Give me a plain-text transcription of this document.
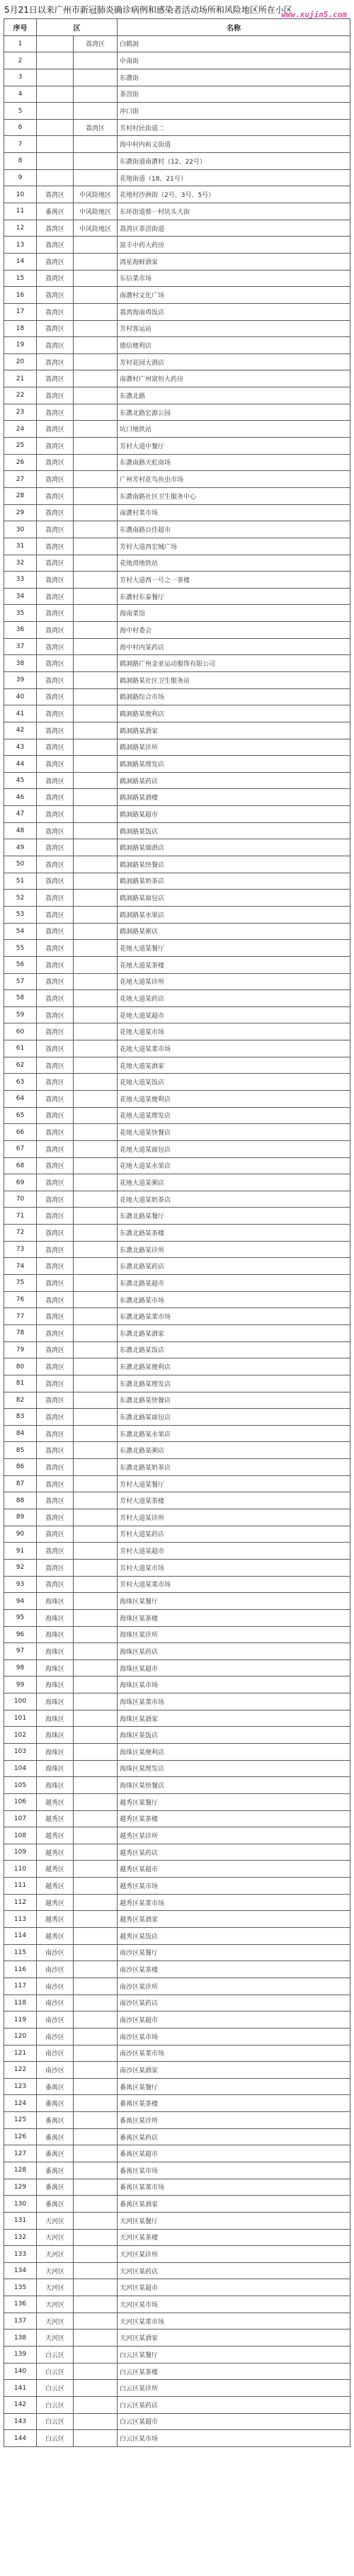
5月21日以来广州市新冠肺炎确诊病例和感染者活动场所和风险地区所在小区
www.xujin5.com
序号	区		名称
1		荔湾区	白鹤洞
2			中南街
3			东漖街
4			茶滘街
5			冲口街
6		荔湾区	芳村村民街道二
7			海中村内和义街道
8			东漖街道南漖村（12、22号）
9			花地街道（18、21号）
10	荔湾区	中风险地区	花地村沙洲街（2号、3号、5号）
11	番禺区	中风险地区	东环街道蔡一村坑头大街
12	荔湾区	中风险地区	荔湾区茶滘街道
13	荔湾区		富丰中药大药房
14	荔湾区		鸿星海鲜酒家
15	荔湾区		东信菜市场
16	荔湾区		南漖村文化广场
17	荔湾区		荔湾海南鸡饭店
18	荔湾区		芳村客运站
19	荔湾区		德信便利店
20	荔湾区		芳村花园大酒店
21	荔湾区		南漖村广州富恒大药房
22	荔湾区		东漖北路
23	荔湾区		东漖北路宏源公园
24	荔湾区		坑口地铁站
25	荔湾区		芳村大道中餐厅
26	荔湾区		东漖南路天虹商场
27	荔湾区		广州芳村花鸟鱼虫市场
28	荔湾区		东漖南路社区卫生服务中心
29	荔湾区		南漖村菜市场
30	荔湾区		东漖南路百佳超市
31	荔湾区		芳村大道西宏城广场
32	荔湾区		花地湾地铁站
33	荔湾区		芳村大道西一号之一茶楼
34	荔湾区		东漖村东泰餐厅
35	荔湾区		海南菜馆
36	荔湾区		海中村委会
37	荔湾区		海中村内某药店
38	荔湾区		鹤洞路广州金亚运动服饰有限公司
39	荔湾区		鹤洞路某社区卫生服务站
40	荔湾区		鹤洞路综合市场
41	荔湾区		鹤洞路某便利店
42	荔湾区		鹤洞路某酒家
43	荔湾区		鹤洞路某诊所
44	荔湾区		鹤洞路某理发店
45	荔湾区		鹤洞路某药店
46	荔湾区		鹤洞路某酒楼
47	荔湾区		鹤洞路某超市
48	荔湾区		鹤洞路某饭店
49	荔湾区		鹤洞路某烟酒店
50	荔湾区		鹤洞路某快餐店
51	荔湾区		鹤洞路某奶茶店
52	荔湾区		鹤洞路某面包店
53	荔湾区		鹤洞路某水果店
54	荔湾区		鹤洞路某粥店
55	荔湾区		花地大道某餐厅
56	荔湾区		花地大道某茶楼
57	荔湾区		花地大道某诊所
58	荔湾区		花地大道某药店
59	荔湾区		花地大道某超市
60	荔湾区		花地大道某市场
61	荔湾区		花地大道某菜市场
62	荔湾区		花地大道某酒家
63	荔湾区		花地大道某饭店
64	荔湾区		花地大道某便利店
65	荔湾区		花地大道某理发店
66	荔湾区		花地大道某快餐店
67	荔湾区		花地大道某面包店
68	荔湾区		花地大道某水果店
69	荔湾区		花地大道某粥店
70	荔湾区		花地大道某奶茶店
71	荔湾区		东漖北路某餐厅
72	荔湾区		东漖北路某茶楼
73	荔湾区		东漖北路某诊所
74	荔湾区		东漖北路某药店
75	荔湾区		东漖北路某超市
76	荔湾区		东漖北路某市场
77	荔湾区		东漖北路某菜市场
78	荔湾区		东漖北路某酒家
79	荔湾区		东漖北路某饭店
80	荔湾区		东漖北路某便利店
81	荔湾区		东漖北路某理发店
82	荔湾区		东漖北路某快餐店
83	荔湾区		东漖北路某面包店
84	荔湾区		东漖北路某水果店
85	荔湾区		东漖北路某粥店
86	荔湾区		东漖北路某奶茶店
87	荔湾区		芳村大道某餐厅
88	荔湾区		芳村大道某茶楼
89	荔湾区		芳村大道某诊所
90	荔湾区		芳村大道某药店
91	荔湾区		芳村大道某超市
92	荔湾区		芳村大道某市场
93	荔湾区		芳村大道某菜市场
94	海珠区		海珠区某餐厅
95	海珠区		海珠区某茶楼
96	海珠区		海珠区某诊所
97	海珠区		海珠区某药店
98	海珠区		海珠区某超市
99	海珠区		海珠区某市场
100	海珠区		海珠区某菜市场
101	海珠区		海珠区某酒家
102	海珠区		海珠区某饭店
103	海珠区		海珠区某便利店
104	海珠区		海珠区某理发店
105	海珠区		海珠区某快餐店
106	越秀区		越秀区某餐厅
107	越秀区		越秀区某茶楼
108	越秀区		越秀区某诊所
109	越秀区		越秀区某药店
110	越秀区		越秀区某超市
111	越秀区		越秀区某市场
112	越秀区		越秀区某菜市场
113	越秀区		越秀区某酒家
114	越秀区		越秀区某饭店
115	南沙区		南沙区某餐厅
116	南沙区		南沙区某茶楼
117	南沙区		南沙区某诊所
118	南沙区		南沙区某药店
119	南沙区		南沙区某超市
120	南沙区		南沙区某市场
121	南沙区		南沙区某菜市场
122	南沙区		南沙区某酒家
123	番禺区		番禺区某餐厅
124	番禺区		番禺区某茶楼
125	番禺区		番禺区某诊所
126	番禺区		番禺区某药店
127	番禺区		番禺区某超市
128	番禺区		番禺区某市场
129	番禺区		番禺区某菜市场
130	番禺区		番禺区某酒家
131	天河区		天河区某餐厅
132	天河区		天河区某茶楼
133	天河区		天河区某诊所
134	天河区		天河区某药店
135	天河区		天河区某超市
136	天河区		天河区某市场
137	天河区		天河区某菜市场
138	天河区		天河区某酒家
139	白云区		白云区某餐厅
140	白云区		白云区某茶楼
141	白云区		白云区某诊所
142	白云区		白云区某药店
143	白云区		白云区某超市
144	白云区		白云区某市场
